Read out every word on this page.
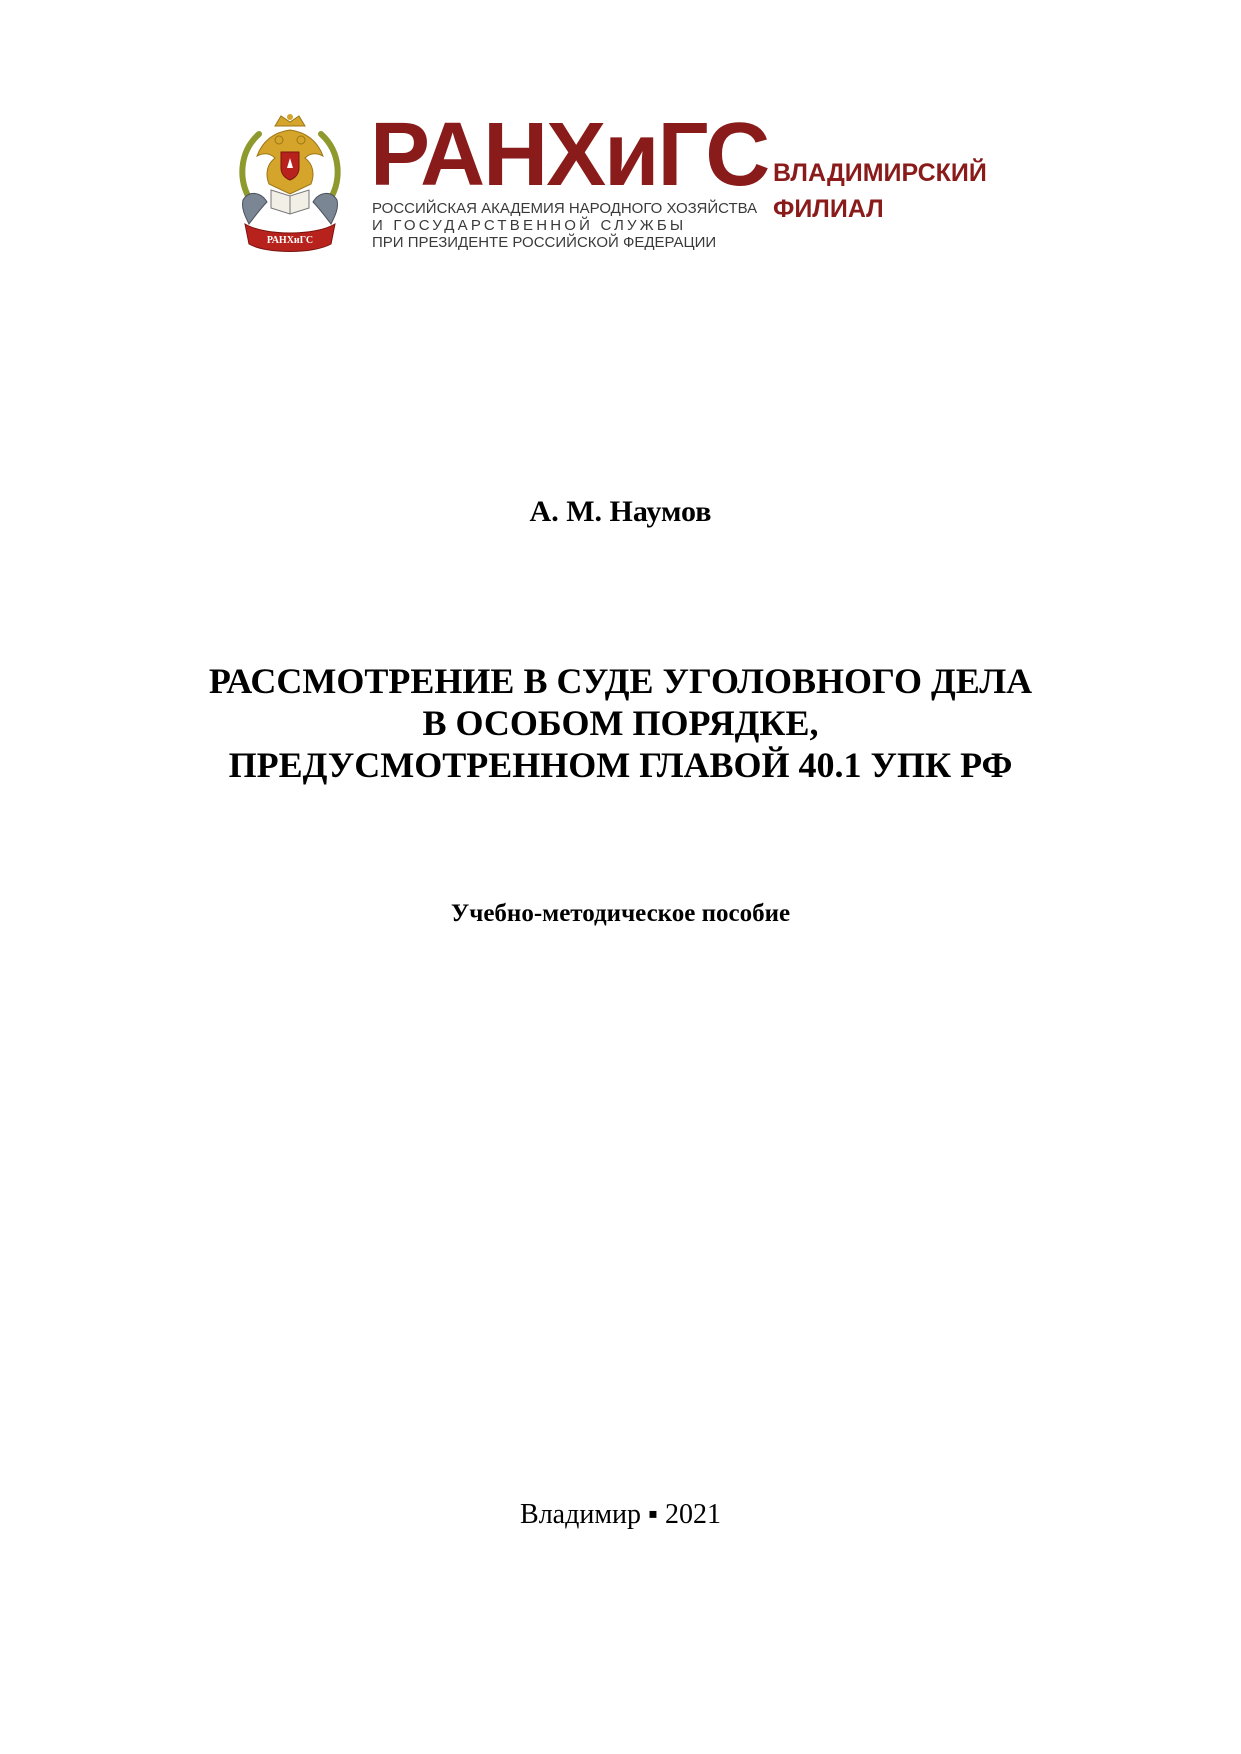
РАНХиГС
РАНХиГС
РОССИЙСКАЯ АКАДЕМИЯ НАРОДНОГО ХОЗЯЙСТВА
И ГОСУДАРСТВЕННОЙ СЛУЖБЫ
ПРИ ПРЕЗИДЕНТЕ РОССИЙСКОЙ ФЕДЕРАЦИИ
ВЛАДИМИРСКИЙ
ФИЛИАЛ
А. М. Наумов
РАССМОТРЕНИЕ В СУДЕ УГОЛОВНОГО ДЕЛА
В ОСОБОМ ПОРЯДКЕ,
ПРЕДУСМОТРЕННОМ ГЛАВОЙ 40.1 УПК РФ
Учебно-методическое пособие
Владимир ▪ 2021
